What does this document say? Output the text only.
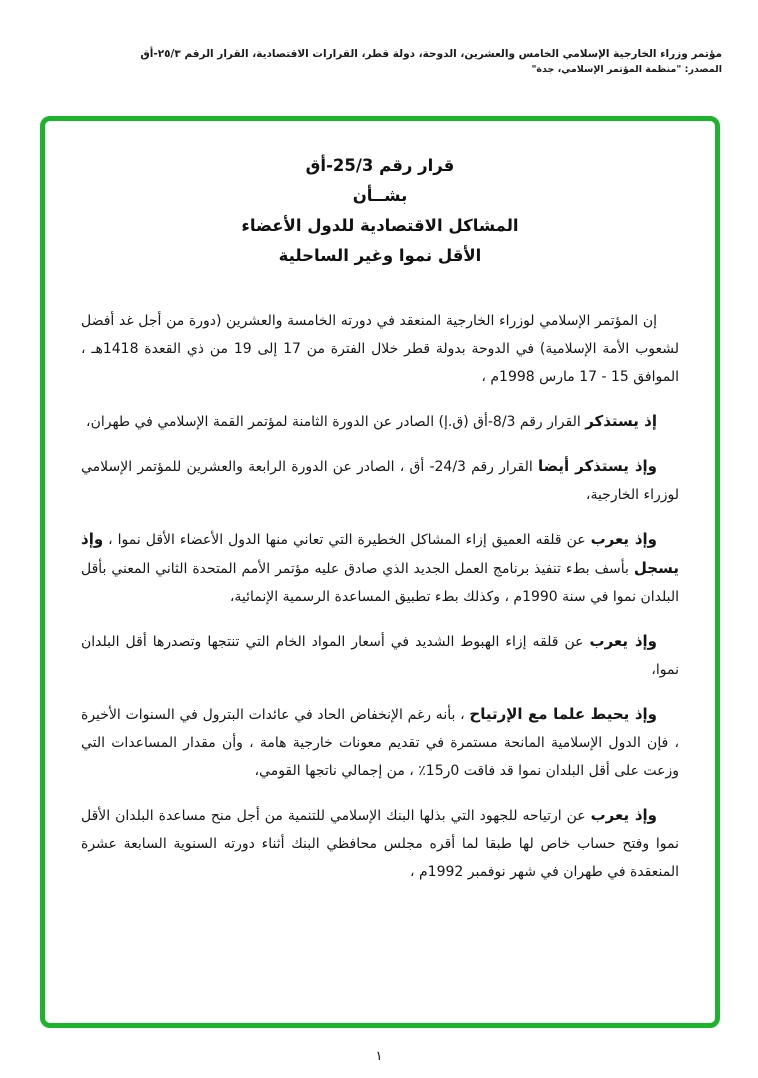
مؤتمر وزراء الخارجية الإسلامي الخامس والعشرين، الدوحة، دولة قطر، القرارات الاقتصادية، القرار الرقم ٢٥/٣-أق
المصدر: "منظمة المؤتمر الإسلامي، جدة"
قرار رقم 25/3-أق
بشــأن
المشاكل الاقتصادية للدول الأعضاء
الأقل نموا وغير الساحلية

إن المؤتمر الإسلامي لوزراء الخارجية المنعقد في دورته الخامسة والعشرين (دورة من أجل غد أفضل لشعوب الأمة الإسلامية) في الدوحة بدولة قطر خلال الفترة من 17 إلى 19 من ذي القعدة 1418هـ ، الموافق 15 - 17 مارس 1998م ،

إذ يستذكر القرار رقم 8/3-أق (ق.إ) الصادر عن الدورة الثامنة لمؤتمر القمة الإسلامي في طهران،

وإذ يستذكر أيضا القرار رقم 24/3- أق ، الصادر عن الدورة الرابعة والعشرين للمؤتمر الإسلامي لوزراء الخارجية،

وإذ يعرب عن قلقه العميق إزاء المشاكل الخطيرة التي تعاني منها الدول الأعضاء الأقل نموا ، وإذ يسجل بأسف بطء تنفيذ برنامج العمل الجديد الذي صادق عليه مؤتمر الأمم المتحدة الثاني المعني بأقل البلدان نموا في سنة 1990م ، وكذلك بطء تطبيق المساعدة الرسمية الإنمائية،

وإذ يعرب عن قلقه إزاء الهبوط الشديد في أسعار المواد الخام التي تنتجها وتصدرها أقل البلدان نموا،

وإذ يحيط علما مع الإرتياح ، بأنه رغم الإنخفاض الحاد في عائدات البترول في السنوات الأخيرة ، فإن الدول الإسلامية المانحة مستمرة في تقديم معونات خارجية هامة ، وأن مقدار المساعدات التي وزعت على أقل البلدان نموا قد فاقت 0ر15٪ ، من إجمالي ناتجها القومي،

وإذ يعرب عن ارتياحه للجهود التي بذلها البنك الإسلامي للتنمية من أجل منح مساعدة البلدان الأقل نموا وفتح حساب خاص لها طبقا لما أقره مجلس محافظي البنك أثناء دورته السنوية السابعة عشرة المنعقدة في طهران في شهر نوفمبر 1992م ،

١
